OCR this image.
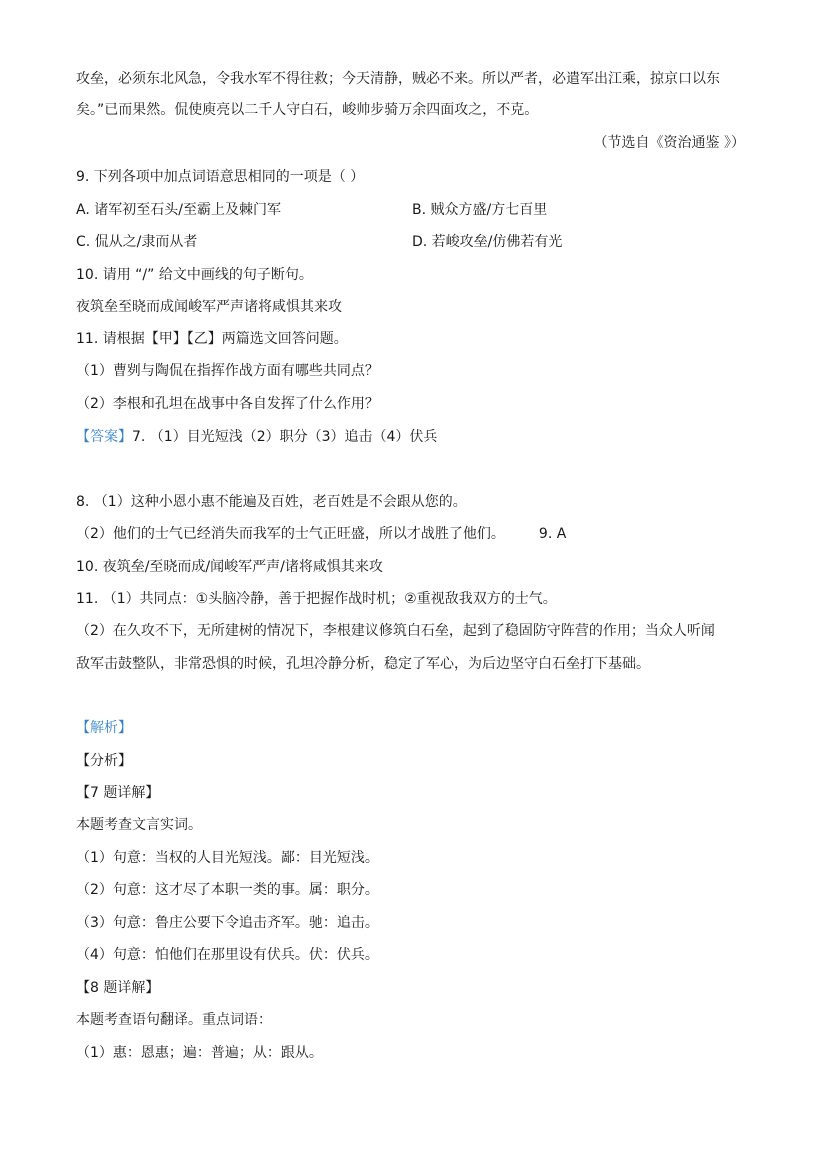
攻垒，必须东北风急，令我水军不得往救；今天清静，贼必不来。所以严者，必遣军出江乘，掠京口以东
矣。”已而果然。侃使庾亮以二千人守白石，峻帅步骑万余四面攻之，不克。
（节选自《资治通鉴 》）
9. 下列各项中加点词语意思相同的一项是（ ）
A. 诸军初至石头/至霸上及棘门军	B. 贼众方盛/方七百里
C. 侃从之/隶而从者	D. 若峻攻垒/仿佛若有光
10. 请用 “/” 给文中画线的句子断句。
夜筑垒至晓而成闻峻军严声诸将咸惧其来攻
11. 请根据【甲】【乙】两篇选文回答问题。
（1）曹刿与陶侃在指挥作战方面有哪些共同点？
（2）李根和孔坦在战事中各自发挥了什么作用？
【答案】7. （1）目光短浅（2）职分（3）追击（4）伏兵
8. （1）这种小恩小惠不能遍及百姓，老百姓是不会跟从您的。
（2）他们的士气已经消失而我军的士气正旺盛，所以才战胜了他们。 9. A
10. 夜筑垒/至晓而成/闻峻军严声/诸将咸惧其来攻
11. （1）共同点：①头脑冷静，善于把握作战时机；②重视敌我双方的士气。
（2）在久攻不下，无所建树的情况下，李根建议修筑白石垒，起到了稳固防守阵营的作用；当众人听闻
敌军击鼓整队，非常恐惧的时候，孔坦冷静分析，稳定了军心，为后边坚守白石垒打下基础。
【解析】
【分析】
【7 题详解】
本题考查文言实词。
（1）句意：当权的人目光短浅。鄙：目光短浅。
（2）句意：这才尽了本职一类的事。属：职分。
（3）句意：鲁庄公要下令追击齐军。驰：追击。
（4）句意：怕他们在那里设有伏兵。伏：伏兵。
【8 题详解】
本题考查语句翻译。重点词语：
（1）惠：恩惠；遍：普遍；从：跟从。
